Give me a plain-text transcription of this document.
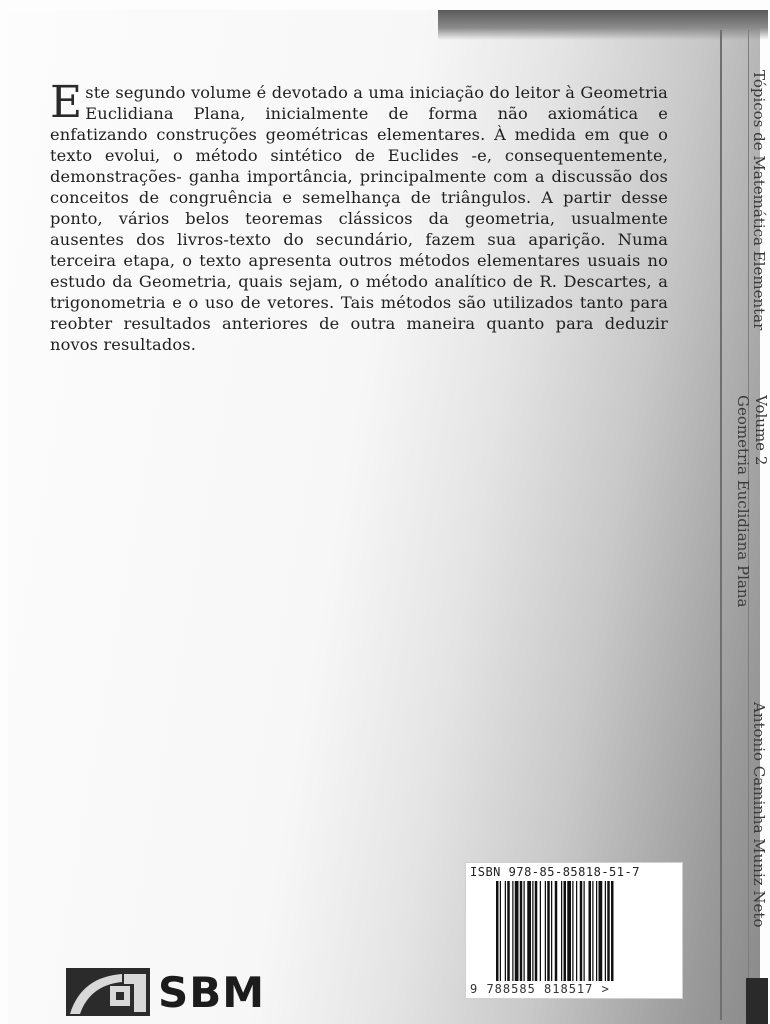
Este segundo volume é devotado a uma iniciação do leitor à Geometria Euclidiana Plana, inicialmente de forma não axiomática e enfatizando construções geométricas elementares. À medida em que o texto evolui, o método sintético de Euclides -e, consequentemente, demonstrações- ganha importância, principalmente com a discussão dos conceitos de congruência e semelhança de triângulos. A partir desse ponto, vários belos teoremas clássicos da geometria, usualmente ausentes dos livros-texto do secundário, fazem sua aparição. Numa terceira etapa, o texto apresenta outros métodos elementares usuais no estudo da Geometria, quais sejam, o método analítico de R. Descartes, a trigonometria e o uso de vetores. Tais métodos são utilizados tanto para reobter resultados anteriores de outra maneira quanto para deduzir novos resultados.
Tópicos de Matemática Elementar
Volume 2
Geometria Euclidiana Plana
Antonio Caminha Muniz Neto
ISBN 978-85-85818-51-7
9 788585 818517 >
SBM
